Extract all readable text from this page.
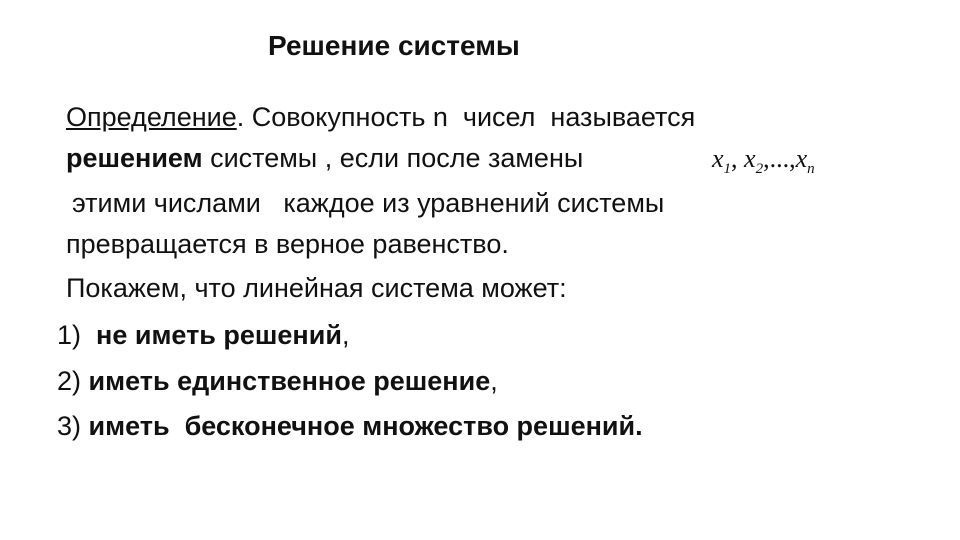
Решение системы
Определение. Совокупность n  чисел  называется
решением системы , если после замены	$x_1$, $x_2,...,x_n$
этими числами   каждое из уравнений системы
превращается в верное равенство.
Покажем, что линейная система может:
1)  не иметь решений,
2) иметь единственное решение,
3) иметь  бесконечное множество решений.
